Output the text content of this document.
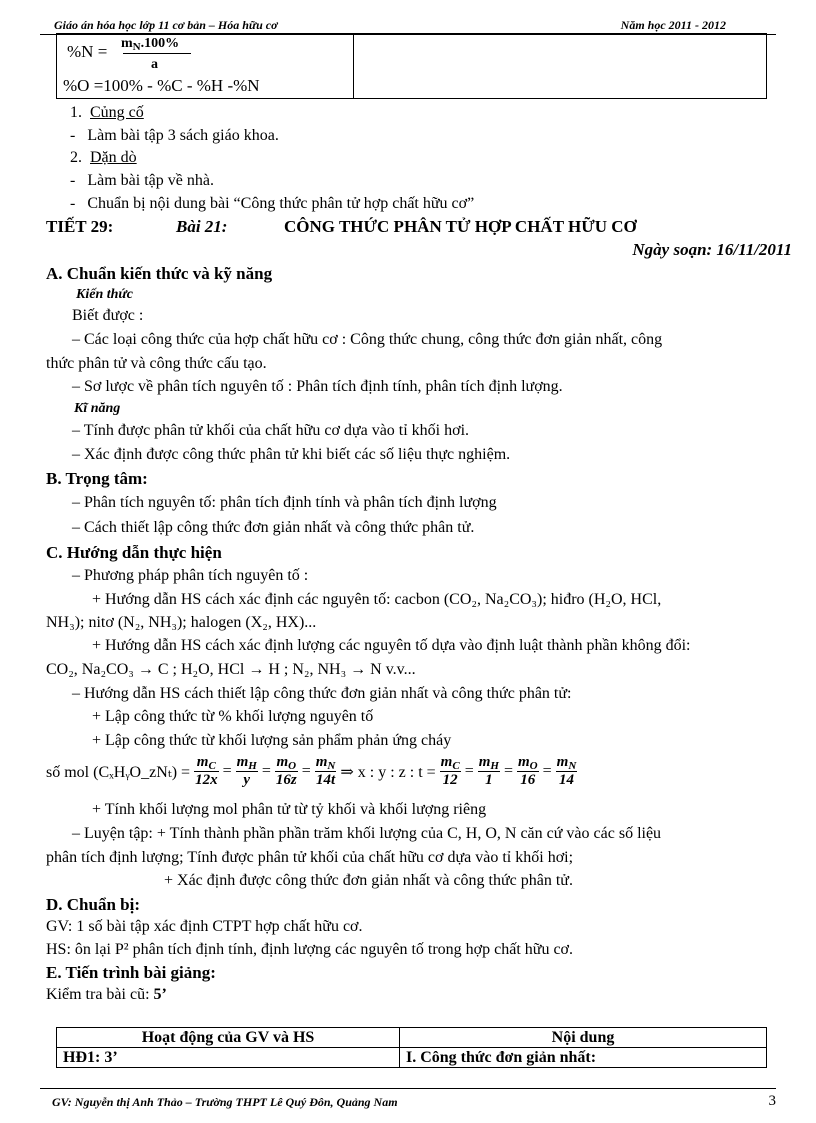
Giáo án hóa học lớp 11 cơ bản – Hóa hữu cơ	Năm học 2011 - 2012
$\%N = m_N.100\%$
a
%O =100% - %C - %H -%N

1. Củng cố
-   Làm bài tập 3 sách giáo khoa.
2. Dặn dò
-   Làm bài tập về nhà.
-   Chuẩn bị nội dung bài “Công thức phân tử hợp chất hữu cơ”
TIẾT 29:	Bài 21:	CÔNG THỨC PHÂN TỬ HỢP CHẤT HỮU CƠ
Ngày soạn: 16/11/2011
A. Chuẩn kiến thức và kỹ năng
Kiến thức
Biết được :
– Các loại công thức của hợp chất hữu cơ : Công thức chung, công thức đơn giản nhất, công
thức phân tử và công thức cấu tạo.
– Sơ lược về phân tích nguyên tố : Phân tích định tính, phân tích định lượng.
Kĩ năng
– Tính được phân tử khối của chất hữu cơ dựa vào tỉ khối hơi.
– Xác định được công thức phân tử khi biết các số liệu thực nghiệm.
B. Trọng tâm:
– Phân tích nguyên tố: phân tích định tính và phân tích định lượng
– Cách thiết lập công thức đơn giản nhất và công thức phân tử.
C. Hướng dẫn thực hiện
– Phương pháp phân tích nguyên tố :
+ Hướng dẫn HS cách xác định các nguyên tố: cacbon (CO₂, Na₂CO₃); hiđro (H₂O, HCl,
NH₃); nitơ (N₂, NH₃); halogen (X₂, HX)...
+ Hướng dẫn HS cách xác định lượng các nguyên tố dựa vào định luật thành phần không đổi:
CO₂, Na₂CO₃ → C ; H₂O, HCl → H ; N₂, NH₃ → N v.v...
– Hướng dẫn HS cách thiết lập công thức đơn giản nhất và công thức phân tử:
+ Lập công thức từ % khối lượng nguyên tố
+ Lập công thức từ khối lượng sản phẩm phản ứng cháy
số mol (CₓHᵧO_zNₜ) = $\frac{m_C}{12x} = \frac{m_H}{y} = \frac{m_O}{16z} = \frac{m_N}{14t}$ ⇒ x : y : z : $t = \frac{m_C}{12} = \frac{m_H}{1} = \frac{m_O}{16} = \frac{m_N}{14}$
+ Tính khối lượng mol phân tử từ tỷ khối và khối lượng riêng
– Luyện tập: + Tính thành phần phần trăm khối lượng của C, H, O, N căn cứ vào các số liệu
phân tích định lượng; Tính được phân tử khối của chất hữu cơ dựa vào tỉ khối hơi;
+ Xác định được công thức đơn giản nhất và công thức phân tử.
D. Chuẩn bị:
GV: 1 số bài tập xác định CTPT hợp chất hữu cơ.
HS: ôn lại P² phân tích định tính, định lượng các nguyên tố trong hợp chất hữu cơ.
E. Tiến trình bài giảng:
Kiểm tra bài cũ: 5’
Hoạt động của GV và HS	Nội dung
HĐ1: 3’	I. Công thức đơn giản nhất:
GV: Nguyễn thị Anh Thảo – Trường THPT Lê Quý Đôn, Quảng Nam	3
